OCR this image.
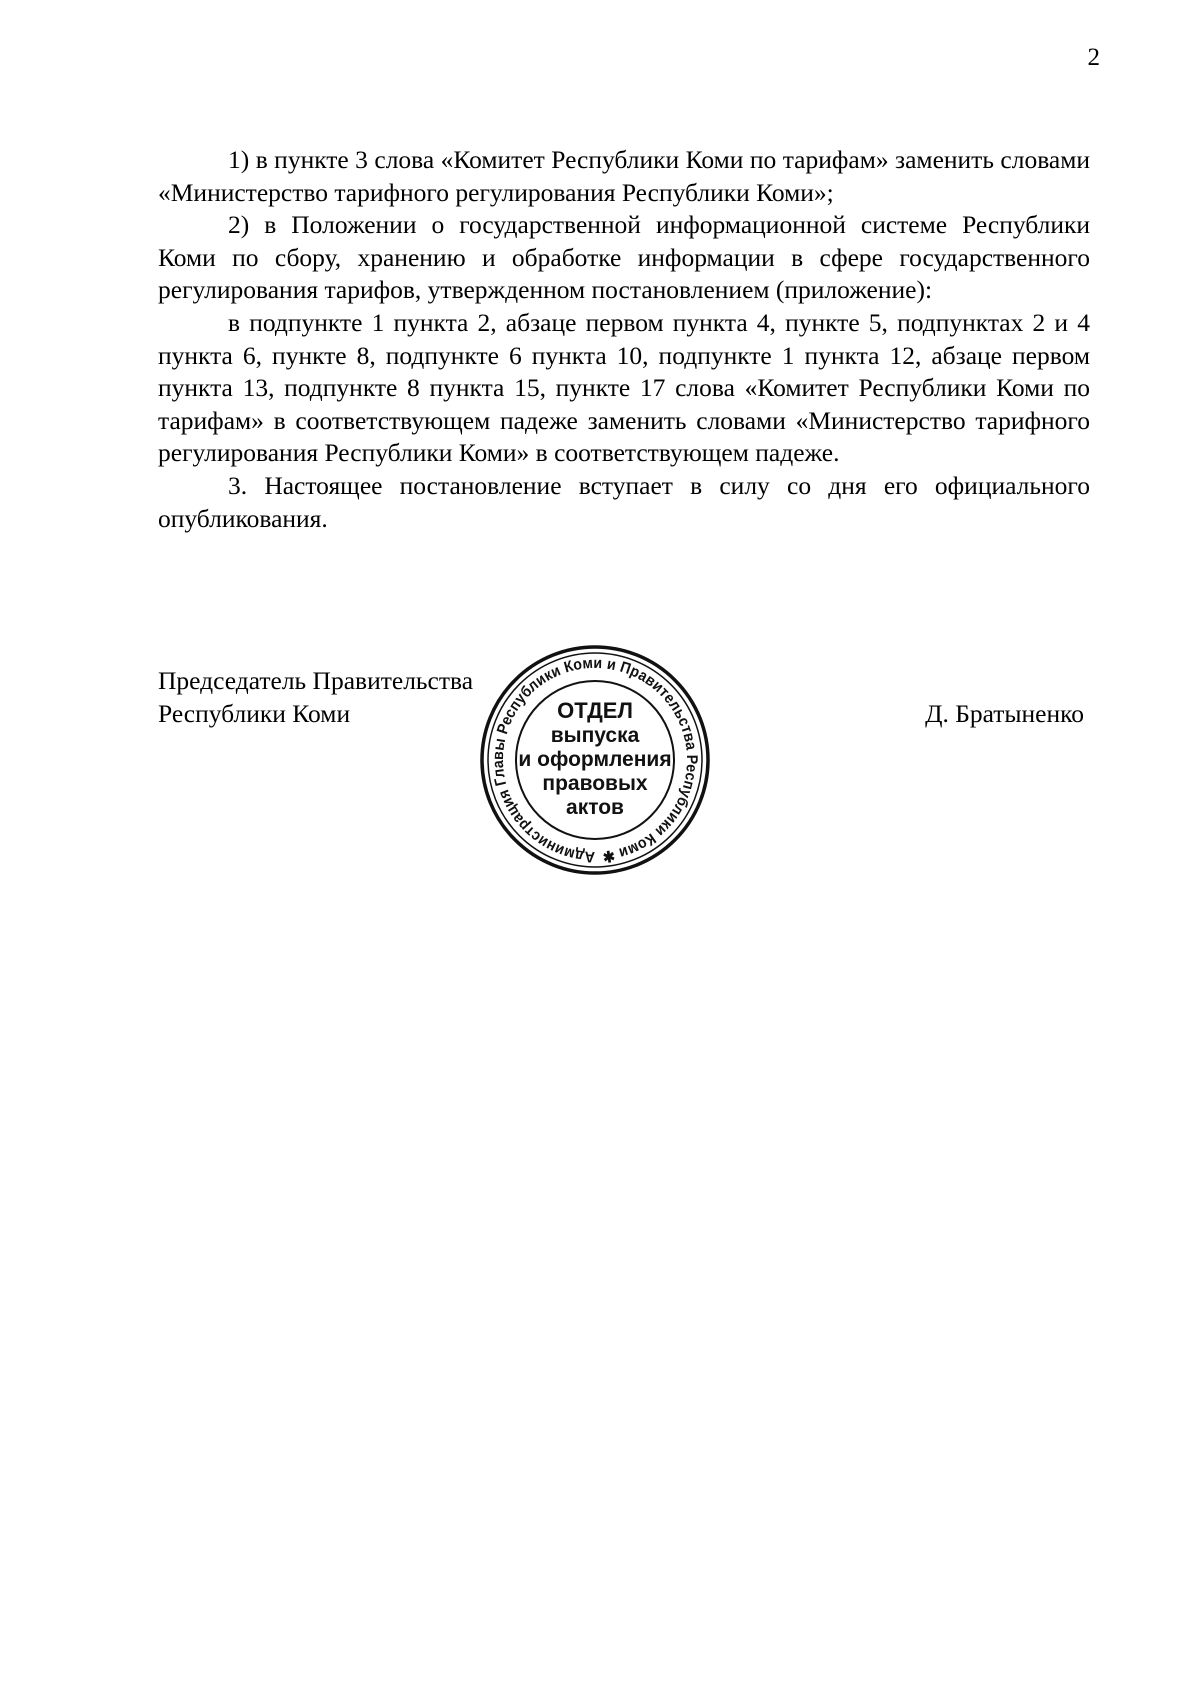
2

1) в пункте 3 слова «Комитет Республики Коми по тарифам» заменить словами «Министерство тарифного регулирования Республики Коми»;

2) в Положении о государственной информационной системе Республики Коми по сбору, хранению и обработке информации в сфере государственного регулирования тарифов, утвержденном постановлением (приложение):

в подпункте 1 пункта 2, абзаце первом пункта 4, пункте 5, подпунктах 2 и 4 пункта 6, пункте 8, подпункте 6 пункта 10, подпункте 1 пункта 12, абзаце первом пункта 13, подпункте 8 пункта 15, пункте 17 слова «Комитет Республики Коми по тарифам» в соответствующем падеже заменить словами «Министерство тарифного регулирования Республики Коми» в соответствующем падеже.

3. Настоящее постановление вступает в силу со дня его официального опубликования.

Председатель Правительства
Республики Коми	Д. Братыненко
Администрация Главы Республики Коми и Правительства Республики Коми ✱
ОТДЕЛ
выпуска
и оформления
правовых
актов
